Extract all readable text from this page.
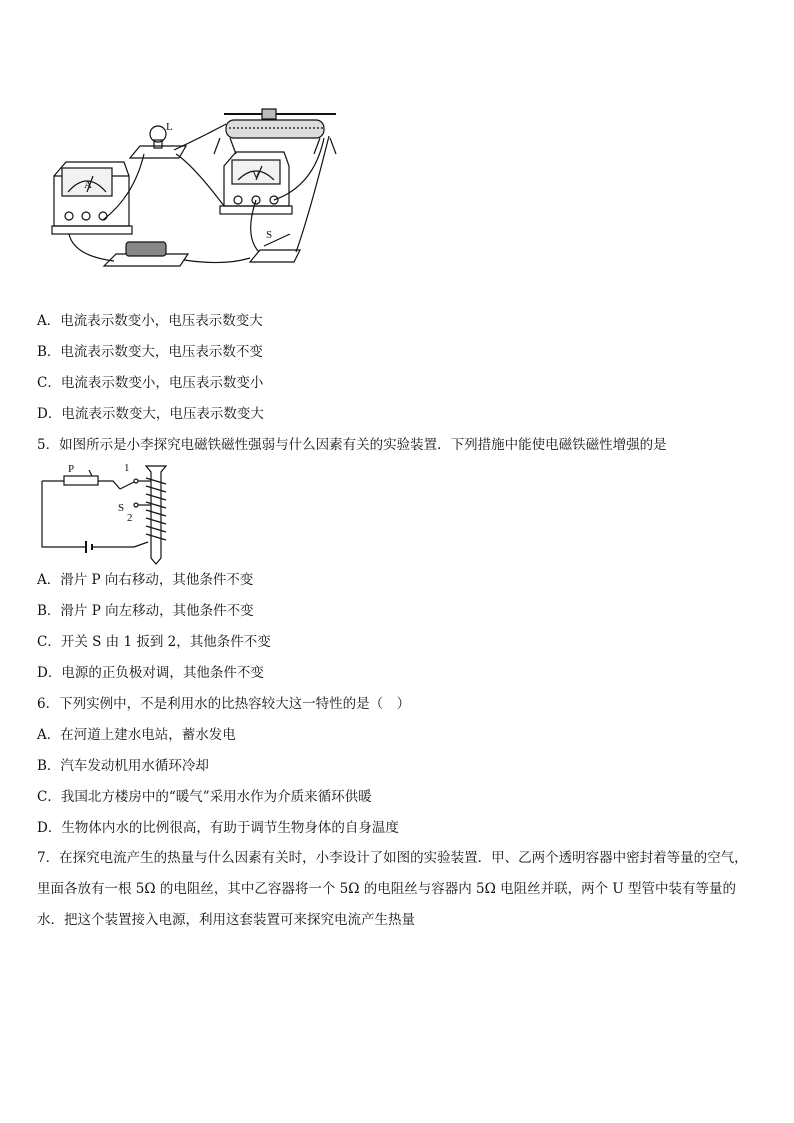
L
S
A
V
A．电流表示数变小，电压表示数变大
B．电流表示数变大，电压表示数不变
C．电流表示数变小，电压表示数变小
D．电流表示数变大，电压表示数变大
5．如图所示是小李探究电磁铁磁性强弱与什么因素有关的实验装置．下列措施中能使电磁铁磁性增强的是
P	1
S
2
A．滑片 P 向右移动，其他条件不变
B．滑片 P 向左移动，其他条件不变
C．开关 S 由 1 扳到 2，其他条件不变
D．电源的正负极对调，其他条件不变
6．下列实例中，不是利用水的比热容较大这一特性的是（　）
A．在河道上建水电站，蓄水发电
B．汽车发动机用水循环冷却
C．我国北方楼房中的“暖气”采用水作为介质来循环供暖
D．生物体内水的比例很高，有助于调节生物身体的自身温度
7．在探究电流产生的热量与什么因素有关时，小李设计了如图的实验装置．甲、乙两个透明容器中密封着等量的空气，里面各放有一根 5Ω 的电阻丝，其中乙容器将一个 5Ω 的电阻丝与容器内 5Ω 电阻丝并联，两个 U 型管中装有等量的水．把这个装置接入电源，利用这套装置可来探究电流产生热量
